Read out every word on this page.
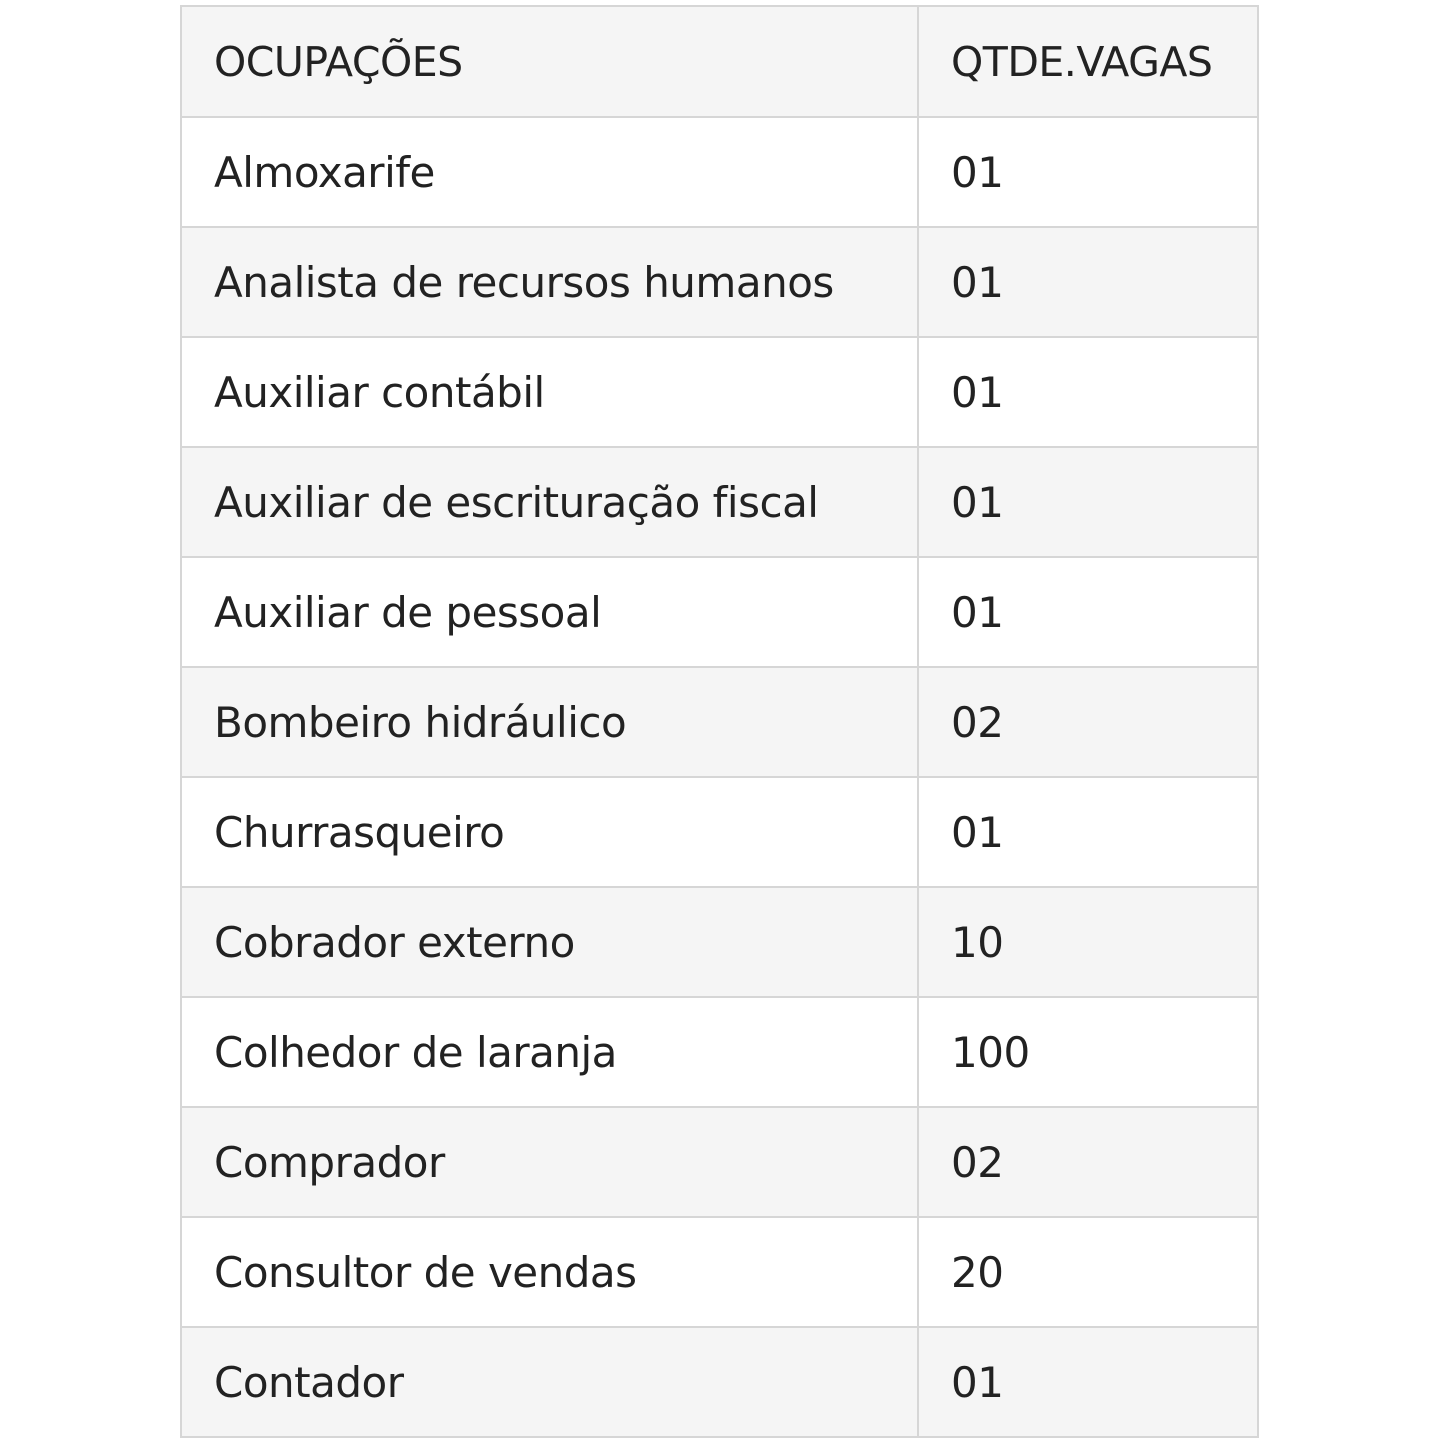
OCUPAÇÕES	QTDE.VAGAS
Almoxarife	01
Analista de recursos humanos	01
Auxiliar contábil	01
Auxiliar de escrituração fiscal	01
Auxiliar de pessoal	01
Bombeiro hidráulico	02
Churrasqueiro	01
Cobrador externo	10
Colhedor de laranja	100
Comprador	02
Consultor de vendas	20
Contador	01
